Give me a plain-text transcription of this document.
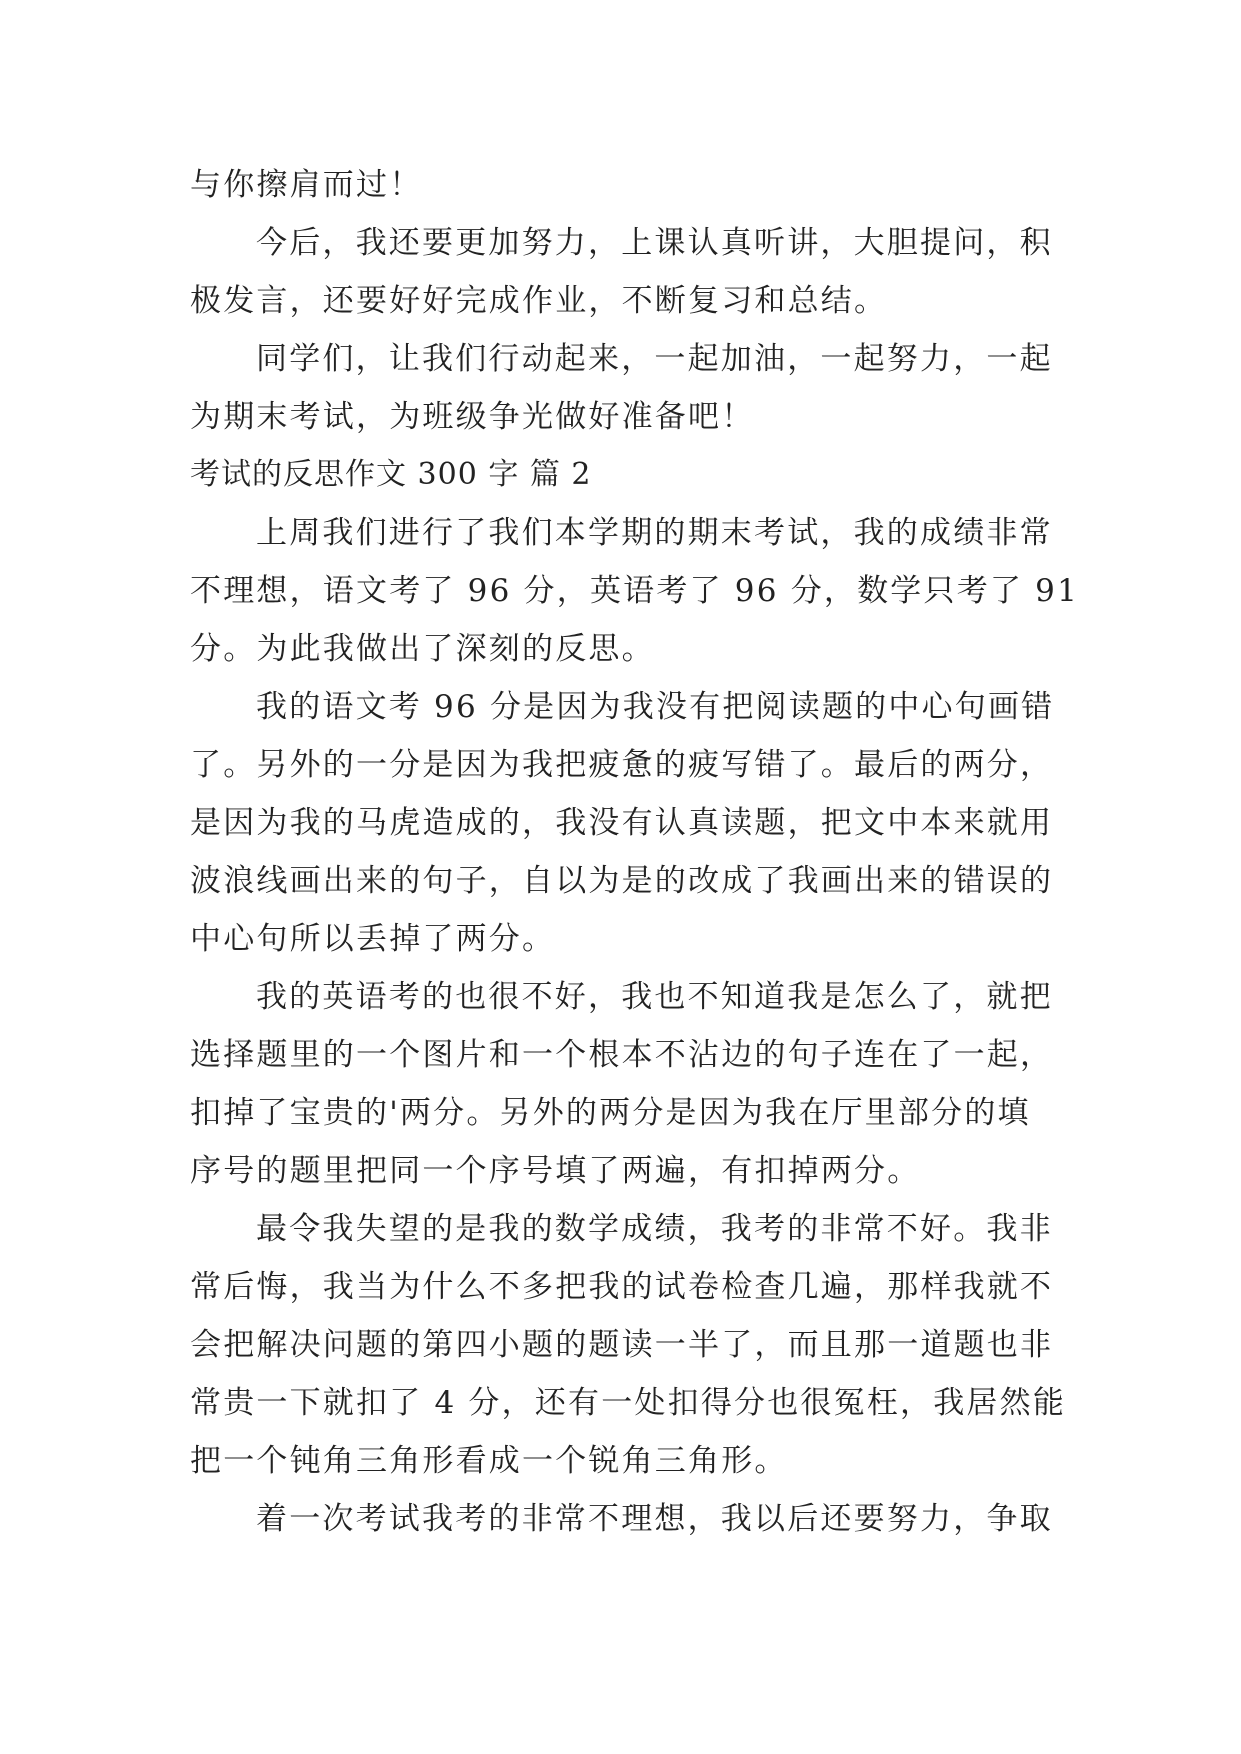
与你擦肩而过！
今后，我还要更加努力，上课认真听讲，大胆提问，积
极发言，还要好好完成作业，不断复习和总结。
同学们，让我们行动起来，一起加油，一起努力，一起
为期末考试，为班级争光做好准备吧！
考试的反思作文 300 字 篇 2
上周我们进行了我们本学期的期末考试，我的成绩非常
不理想，语文考了 96 分，英语考了 96 分，数学只考了 91
分。为此我做出了深刻的反思。
我的语文考 96 分是因为我没有把阅读题的中心句画错
了。另外的一分是因为我把疲惫的疲写错了。最后的两分，
是因为我的马虎造成的，我没有认真读题，把文中本来就用
波浪线画出来的句子，自以为是的改成了我画出来的错误的
中心句所以丢掉了两分。
我的英语考的也很不好，我也不知道我是怎么了，就把
选择题里的一个图片和一个根本不沾边的句子连在了一起，
扣掉了宝贵的'两分。另外的两分是因为我在厅里部分的填
序号的题里把同一个序号填了两遍，有扣掉两分。
最令我失望的是我的数学成绩，我考的非常不好。我非
常后悔，我当为什么不多把我的试卷检查几遍，那样我就不
会把解决问题的第四小题的题读一半了，而且那一道题也非
常贵一下就扣了 4 分，还有一处扣得分也很冤枉，我居然能
把一个钝角三角形看成一个锐角三角形。
着一次考试我考的非常不理想，我以后还要努力，争取
